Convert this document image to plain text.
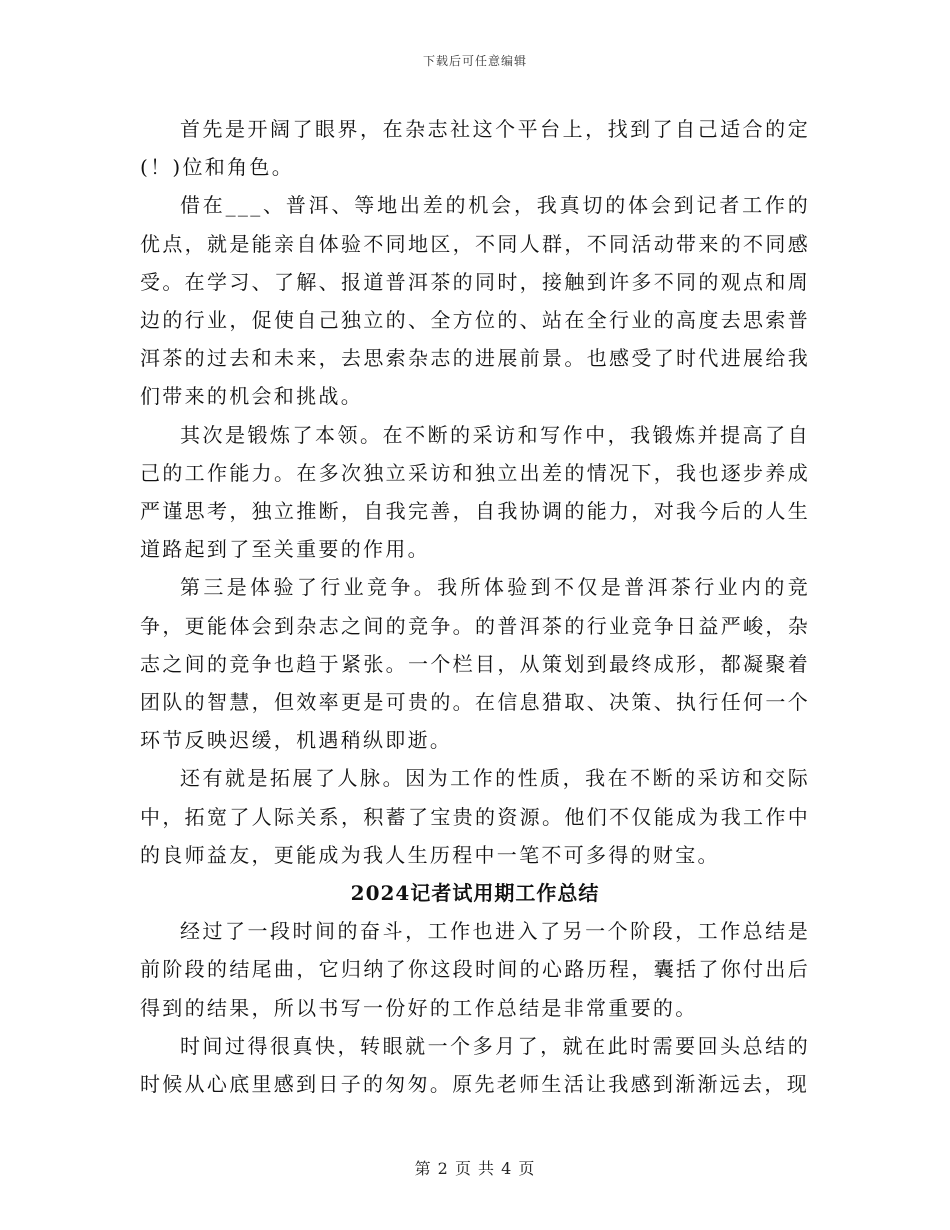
下载后可任意编辑

首先是开阔了眼界，在杂志社这个平台上，找到了自己适合的定(！)位和角色。

借在___、普洱、等地出差的机会，我真切的体会到记者工作的优点，就是能亲自体验不同地区，不同人群，不同活动带来的不同感受。在学习、了解、报道普洱茶的同时，接触到许多不同的观点和周边的行业，促使自己独立的、全方位的、站在全行业的高度去思索普洱茶的过去和未来，去思索杂志的进展前景。也感受了时代进展给我们带来的机会和挑战。

其次是锻炼了本领。在不断的采访和写作中，我锻炼并提高了自己的工作能力。在多次独立采访和独立出差的情况下，我也逐步养成严谨思考，独立推断，自我完善，自我协调的能力，对我今后的人生道路起到了至关重要的作用。

第三是体验了行业竞争。我所体验到不仅是普洱茶行业内的竞争，更能体会到杂志之间的竞争。的普洱茶的行业竞争日益严峻，杂志之间的竞争也趋于紧张。一个栏目，从策划到最终成形，都凝聚着团队的智慧，但效率更是可贵的。在信息猎取、决策、执行任何一个环节反映迟缓，机遇稍纵即逝。

还有就是拓展了人脉。因为工作的性质，我在不断的采访和交际中，拓宽了人际关系，积蓄了宝贵的资源。他们不仅能成为我工作中的良师益友，更能成为我人生历程中一笔不可多得的财宝。

2024记者试用期工作总结

经过了一段时间的奋斗，工作也进入了另一个阶段，工作总结是前阶段的结尾曲，它归纳了你这段时间的心路历程，囊括了你付出后得到的结果，所以书写一份好的工作总结是非常重要的。

时间过得很真快，转眼就一个多月了，就在此时需要回头总结的时候从心底里感到日子的匆匆。原先老师生活让我感到渐渐远去，现

第 2 页 共 4 页
